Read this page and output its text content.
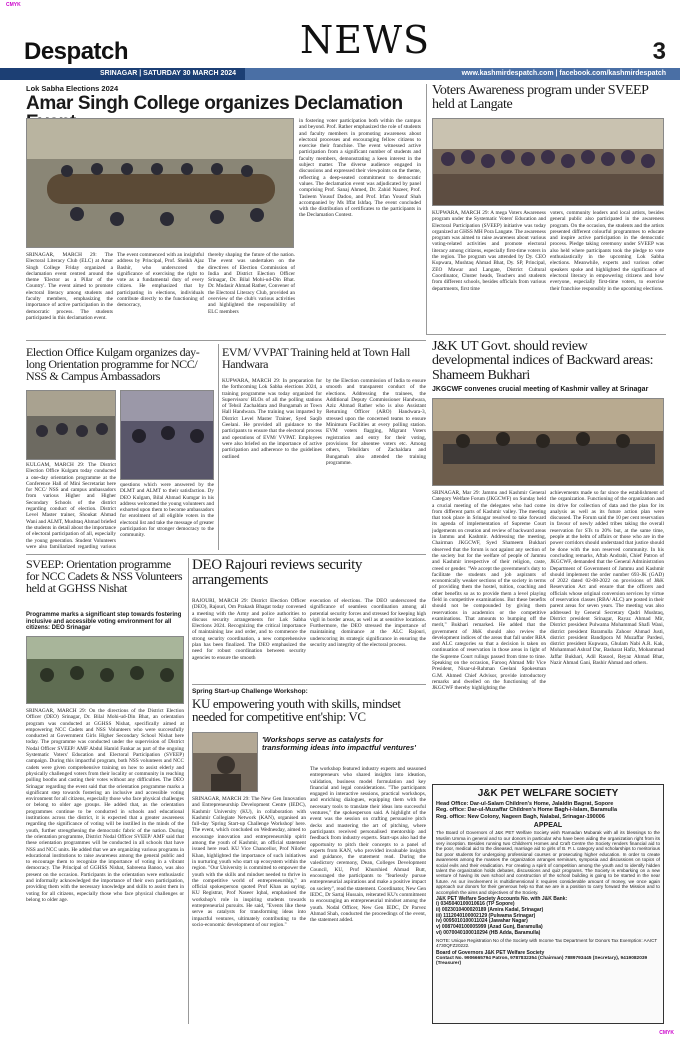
CMYK
CMYK
Despatch	NEWS	3
SRINAGAR | SATURDAY 30 MARCH 2024	www.kashmirdespatch.com | facebook.com/kashmirdespatch
Lok Sabha Elections 2024
Amar Singh College organizes Declamation
SRINAGAR, MARCH 29: The Electoral Literacy Club (ELC) at Amar Singh College Friday organized a declamation event centred around the theme 'Elector as a Pillar of the Country'. The event aimed to promote electoral literacy among students and faculty members, emphasizing the importance of active participation in the democratic process. The students participated in this declamation event.
The event commenced with an insightful address by Principal, Prof. Sheikh Ajaz Bashir, who underscored the significance of exercising the right to vote as a fundamental duty of every citizen. He emphasized that by participating in elections, individuals contribute directly to the functioning of democracy,
thereby shaping the future of the nation. The event was undertaken on the directives of Election Commission of India and District Election Officer Srinagar, Dr. Bilal Mohi-ud-Din Bhat. Dr. Mudasir Ahmad Rather, Convener of the Electoral Literacy Club, provided an overview of the club's various activities and highlighted the responsibility of ELC members
in fostering voter participation both within the campus and beyond. Prof. Rather emphasized the role of students and faculty members in promoting awareness about electoral processes and encouraging fellow citizens to exercise their franchise. The event witnessed active participation from a significant number of students and faculty members, demonstrating a keen interest in the subject matter. The diverse audience engaged in discussions and expressed their viewpoints on the theme, reflecting a deep-seated commitment to democratic values. The declamation event was adjudicated by panel comprising Prof. Sanaj Ahmed, Dr. Zahid Nazeer, Prof. Tasleem Yousuf Dadoo, and Prof. Irfan Yousuf Shah accompanied by Ms Iffat Ishfaq. The event concluded with the distribution of certificates to the participants in the Declamation Contest.
Voters Awareness program under SVEEP held at Langate
KUPWARA, MARCH 29: A mega Voters Awareness program under the Systematic Voters' Education and Electoral Participation (SVEEP) initiative was today organized at GHSS MH Pora Langate. The awareness program was aimed to raise awareness about various voting-related activities and promote electoral literacy among citizens, especially first-time voters in the region. The program was attended by Dy. CEO Kupwara, Mushtaq Ahmad Bhat, Dy. SP, Principal, ZEO Mawar and Langate, District Cultural Coordinator, Cluster heads, Teachers and students from different schools, besides officials from various departments, first time
voters, community leaders and local artists, besides general public also participated in the awareness program. On the occasion, the students and the artists presented different colourful programmes to educate and inspire active participation in the democratic process. Pledge taking ceremony under SVEEP was also held where participants took the pledge to vote enthusiastically in the upcoming Lok Sabha elections. Meanwhile, experts and various other speakers spoke and highlighted the significance of electoral literacy in empowering citizens and how everyone, especially first-time voters, to exercise their franchise responsibly in the upcoming elections.
Election Office Kulgam organizes day-long Orientation programme for NCC/ NSS & Campus Ambassadors
KULGAM, MARCH 29: The District Election Office Kulgam today conducted a one-day orientation programme at the Conference Hall of Mini Secretariat here for NCC/ NSS and campus ambassadors from various Higher and Higher Secondary Schools of the district regarding conduct of election. District Level Master trainer, Shoukat Ahmad Wani and ALMT, Mushtaq Ahmad briefed the students in detail about the importance of electoral participation of all, especially the young generation. Student Volunteers were also familiarized regarding various
questions which were answered by the DLMT and ALMT to their satisfaction. Dy DEO Kulgam, Bilal Ahmad Kumgar in his address welcomed the young volunteers and exhorted upon them to become ambassadors for enrolment of all eligible voters in the electoral list and take the message of greater participation for stronger democracy to the community.
EVM/ VVPAT Training held at Town Hall Handwara
KUPWARA, MARCH 29: In preparation for the forthcoming Lok Sabha elections 2024, a training programme was today organized for Supervisors/ BLOs of all the polling stations of Tehsil Zachaldara and Bungamah at Town Hall Handwara. The training was imparted by District Level Master Trainer, Syed Saqib Geelani. He provided all guidance to the participants to ensure that the electoral process and operations of EVM/ VVPAT. Employees were also briefed on the importance of active participation and adherence to the guidelines outlined
by the Election commission of India to ensure smooth and transparent conduct of the elections. Addressing the trainees, the Additional Deputy Commissioner Handwara, Aziz Ahmad Rather who is also Assistant Returning Officer (ARO) Handwara-3, stressed upon the concerned teams to ensure Minimum Facilities at every polling station. EVM voters flagging, Migrant Voters registration and entry for their voting, provisions for absentee voters etc. Among others, Tehsildars of Zachaldara and Bungamah also attended the training programme.
J&K UT Govt. should review developmental indices of Backward areas: Shameem Bukhari
JKGCWF convenes crucial meeting of Kashmir valley at Srinagar
SRINAGAR, Mar 29: Jammu and Kashmir General Category Welfare Forum (JKGCWF) on Sunday held a crucial meeting of the delegates who had come from different parts of Kashmir valley. The meeting that took place in Srinagar resolved to take forward its agenda of implementation of Supreme Court judgements on creation and review of backward areas in Jammu and Kashmir. Addressing the meeting, Chairman JKGCWF, Syed Shameem Bukhari observed that the forum is not against any section of the society but for the welfare of people of Jammu and Kashmir irrespective of their religion, caste, creed or gender. "We accept the government's duty to facilitate the students and job aspirants of economically weaker sections of the society in terms of providing them the hostel, tuition, coaching and other benefits so as to provide them a level playing field in competitive examinations. But these benefits should not be compounded by giving them reservations in academics or the competitive examinations. That amounts to bumping off the merit," Bukhari remarked. He added that the government of J&K should also review the development indices of the areas that fall under RBA and ALC categories so that a decision is taken on continuation of reservation in those areas in light of the Supreme Court rulings passed from time to time. Speaking on the occasion, Farooq Ahmad Mir Vice President, Nisar-ul-Rahman Geelani Spokesman G.M. Ahmed Chief Advisor, provide introductory remarks and dwelled on the functioning of the JKGCWF thereby highlighting the
achievements made so far since the establishment of the organization. Functioning of the organization and its drive for collection of data and the plan for its analysis as well as its future action plan were discussed. The Forum said the 10 per cent reservation in favour of newly added tribes taking the overall reservation for STs to 20% but, at the same time, people at the helm of affairs or those who are in the power corridors should understand that justice should be done with the non reserved community. In his concluding remarks, Aftab Andrabi, Chief Patron of JKGCWF, demanded that the General Administration Department of Government of Jammu and Kashmir should implement the order number 693-JK (GAD) of 2022 dated 02-08-2022 on provisions of J&K Reservation Act and ensure that the officers and officials whose original conversion services by virtue of reservation classes (RBA/ ALC) are posted in their parent areas for seven years. The meeting was also addressed by General Secretary Qadri Mushtaq, District president Srinagar, Rayaz Ahmad Mir, District president Pulwama Mohammad Shafi Wani, district president Baramulla Zahoor Ahmad Justi, district president Bandipora M Muzaffar Pardesi, district president Kupwara, Ghulam Nabi A.R. Kak, Mohammad Ashraf Dar, Basharat Hafiz, Mohammad Jaffar Bukhari, Adil Rasool, Reyaz Ahmad Bhat, Nazir Ahmad Gani, Bashir Ahmad and others.
SVEEP: Orientation programme for NCC Cadets & NSS Volunteers held at GGHSS Nishat
Programme marks a significant step towards fostering inclusive and accessible voting environment for all citizens: DEO Srinagar
SRINAGAR, MARCH 29: On the directions of the District Election Officer (DEO) Srinagar, Dr. Bilal Mohi-ud-Din Bhat, an orientation program was conducted at GGHSS Nishat, specifically aimed at empowering NCC Cadets and NSS Volunteers who were successfully conducted at Government Girls Higher Secondary School Nishat here today. The programme was conducted under the supervision of District Nodal Officer SVEEP/ AMF Abdul Hamid Fankar as part of the ongoing Systematic Voters' Education and Electoral Participation (SVEEP) campaign. During this impactful program, both NSS volunteers and NCC cadets were given comprehensive training on how to assist elderly and physically challenged voters from their locality or community in reaching polling booths and casting their votes without any difficulties. The DEO Srinagar regarding the event said that the orientation programme marks a significant step towards fostering an inclusive and accessible voting environment for all citizens, especially those who face physical challenges or belong to older age groups. He added that, as the orientation programmes continue to be conducted in schools and educational institutions across the district, it is expected that a greater awareness regarding the significance of voting will be instilled in the minds of the youth, further strengthening the democratic fabric of the nation. During the orientation programme, District Nodal Officer SVEEP/ AMF said that these orientation programmes will be conducted in all schools that have NSS and NCC units. He added that we are organizing various programs in educational institutions to raise awareness among the general public and to encourage them to recognize the importance of voting in a vibrant democracy. The Principal of GGHSS Nishat, Sabreena Banoo, was also present on the occasion. Participants in the orientation were enthusiastic and informally acknowledged the importance of their own participation, providing them with the necessary knowledge and skills to assist them in voting for all citizens, especially those who face physical challenges or belong to older age.
DEO Rajouri reviews security arrangements
RAJOURI, MARCH 29: District Election Officer (DEO), Rajouri, Om Prakash Bhagat today convened a meeting with the Army and police authorities to discuss security arrangements for Lok Sabha Elections 2024. Recognizing the critical importance of maintaining law and order, and to commence the strong security coordination, a new comprehensive plan has been finalized. The DEO emphasized the need for robust coordination between security agencies to ensure the smooth
execution of elections. The DEO underscored the significance of seamless coordination among all potential security forces and stressed for keeping high vigil in border areas, as well as at sensitive locations. Furthermore, the DEO stressed the importance of maintaining dominance at the ALC Rajouri, underscoring its strategic significance in ensuring the security and integrity of the electoral process.
Spring Start-up Challenge Workshop:
KU empowering youth with skills, mindset needed for competitive ent'ship: VC
'Workshops serve as catalysts for transforming ideas into impactful ventures'
SRINAGAR, MARCH 29: The New Gen Innovation and Entrepreneurship Development Centre (IEDC), Kashmir University (KU), in collaboration with Kashmir Collegiate Network (KAN), organised an full-day 'Spring Start-up Challenge Workshop' here. The event, which concluded on Wednesday, aimed to encourage innovation and entrepreneurship spirit among the youth of Kashmir, an official statement issued here read. KU Vice Chancellor, Prof Nilofer Khan, highlighted the importance of such initiatives in nurturing youth who start up ecosystem within the region. "Our University is committed to empower the youth with the skills and mindset needed to thrive in the competitive world of entrepreneurship," an official spokesperson quoted Prof Khan as saying. KU Registrar, Prof Naseer Iqbal, emphasised the workshop's role in inspiring students towards entrepreneurial pursuits. He said, "Events like these serve as catalysts for transforming ideas into impactful ventures, ultimately contributing to the socio-economic development of our region."
The workshop featured industry experts and seasoned entrepreneurs who shared insights into ideation, validation, business model formulation and key financial and legal considerations. "The participants engaged in interactive sessions, practical workshops, and enriching dialogues, equipping them with the necessary tools to translate their ideas into successful ventures," the spokesperson said. A highlight of the event was the session on crafting persuasive pitch decks and mastering the art of pitching, where participants received personalised mentorship and feedback from industry experts. Start-ups also had the opportunity to pitch their concepts to a panel of experts from KAN, who provided invaluable insights and guidance, the statement read. During the valedictory ceremony, Dean, Colleges Development Council, KU, Prof Khurshied Ahmad Butt, encouraged the participants to "fearlessly pursue entrepreneurial aspirations and make a positive impact on society", read the statement. Coordinator, New Gen IEDC, Dr Sartaj Hussain, reiterated KU's commitment to encouraging an entrepreneurial mindset among the youth. Nodal Officer, New Gen IEDC, Dr Parvez Ahmad Shah, conducted the proceedings of the event, the statement added.
J&K PET WELFARE SOCIETY
Head Office: Dar-ul-Salam Children's Home, Jalaldin Bagrat, Sopore
Reg. office: Dar-ul-Muzaffar Children's Home Bagh-i-Islam, Baramulla
Reg. office: New Colony, Nageen Bagh, Nalabal, Srinagar-190006
APPEAL
The Board of Governors of J&K PET Welfare Society wish Ramadan Mubarak with all its blessings to the Muslim Umma in general and to our donors in particular who have been aiding the organization right from its very inception. Besides running two Children's Homes and Craft Centre the Society renders financial aid to the poor, medical aid to the diseased, marriage aid to girls of B. P. L category and scholarships to meritorious but poor students for undergoing professional courses or prosecuting higher education. In order to create awareness among the masses the organization arranges seminars, symposia and discussions on topics of social evils and their eradication. For creating a spirit of competition among the youth and to identify hidden talent the organization holds debates, discussions and quiz programs. The Society is embarking on a new venture of having its own school and construction of the school building is going to be started in the near future. As our involvement is multidimensional it requires considerable amount of money, we once again approach our donors for their generous help so that we are in a position to carry forward the Mission and to accomplish the aims and objectives of the Society.
J&K PET Welfare Society Accounts No. with J&K Bank:
i) 0345040100010616 (TP Sopore)
ii) 0023010400020189 (Amira Kadal, Srinagar)
iii) 1112040100002129 (Pulwama Srinagar)
iv) 0095010100011024 (Jawahar Nagar)
v) 0087040100005999 (Azad Gunj, Baramulla)
vi) 0070040100010294 (HB Adda, Baramulla)
NOTE: Unique Registration No of the Society with Income Tax Department for Donors Tax Exemption: AAICT 4730QFZ20222.
Board of Governors J&K PET Welfare Society
Contact No. 9906665794 Patron, 9787832354 (Chairman) 7889793445 (Secretary), 9419082039 (Treasurer)
